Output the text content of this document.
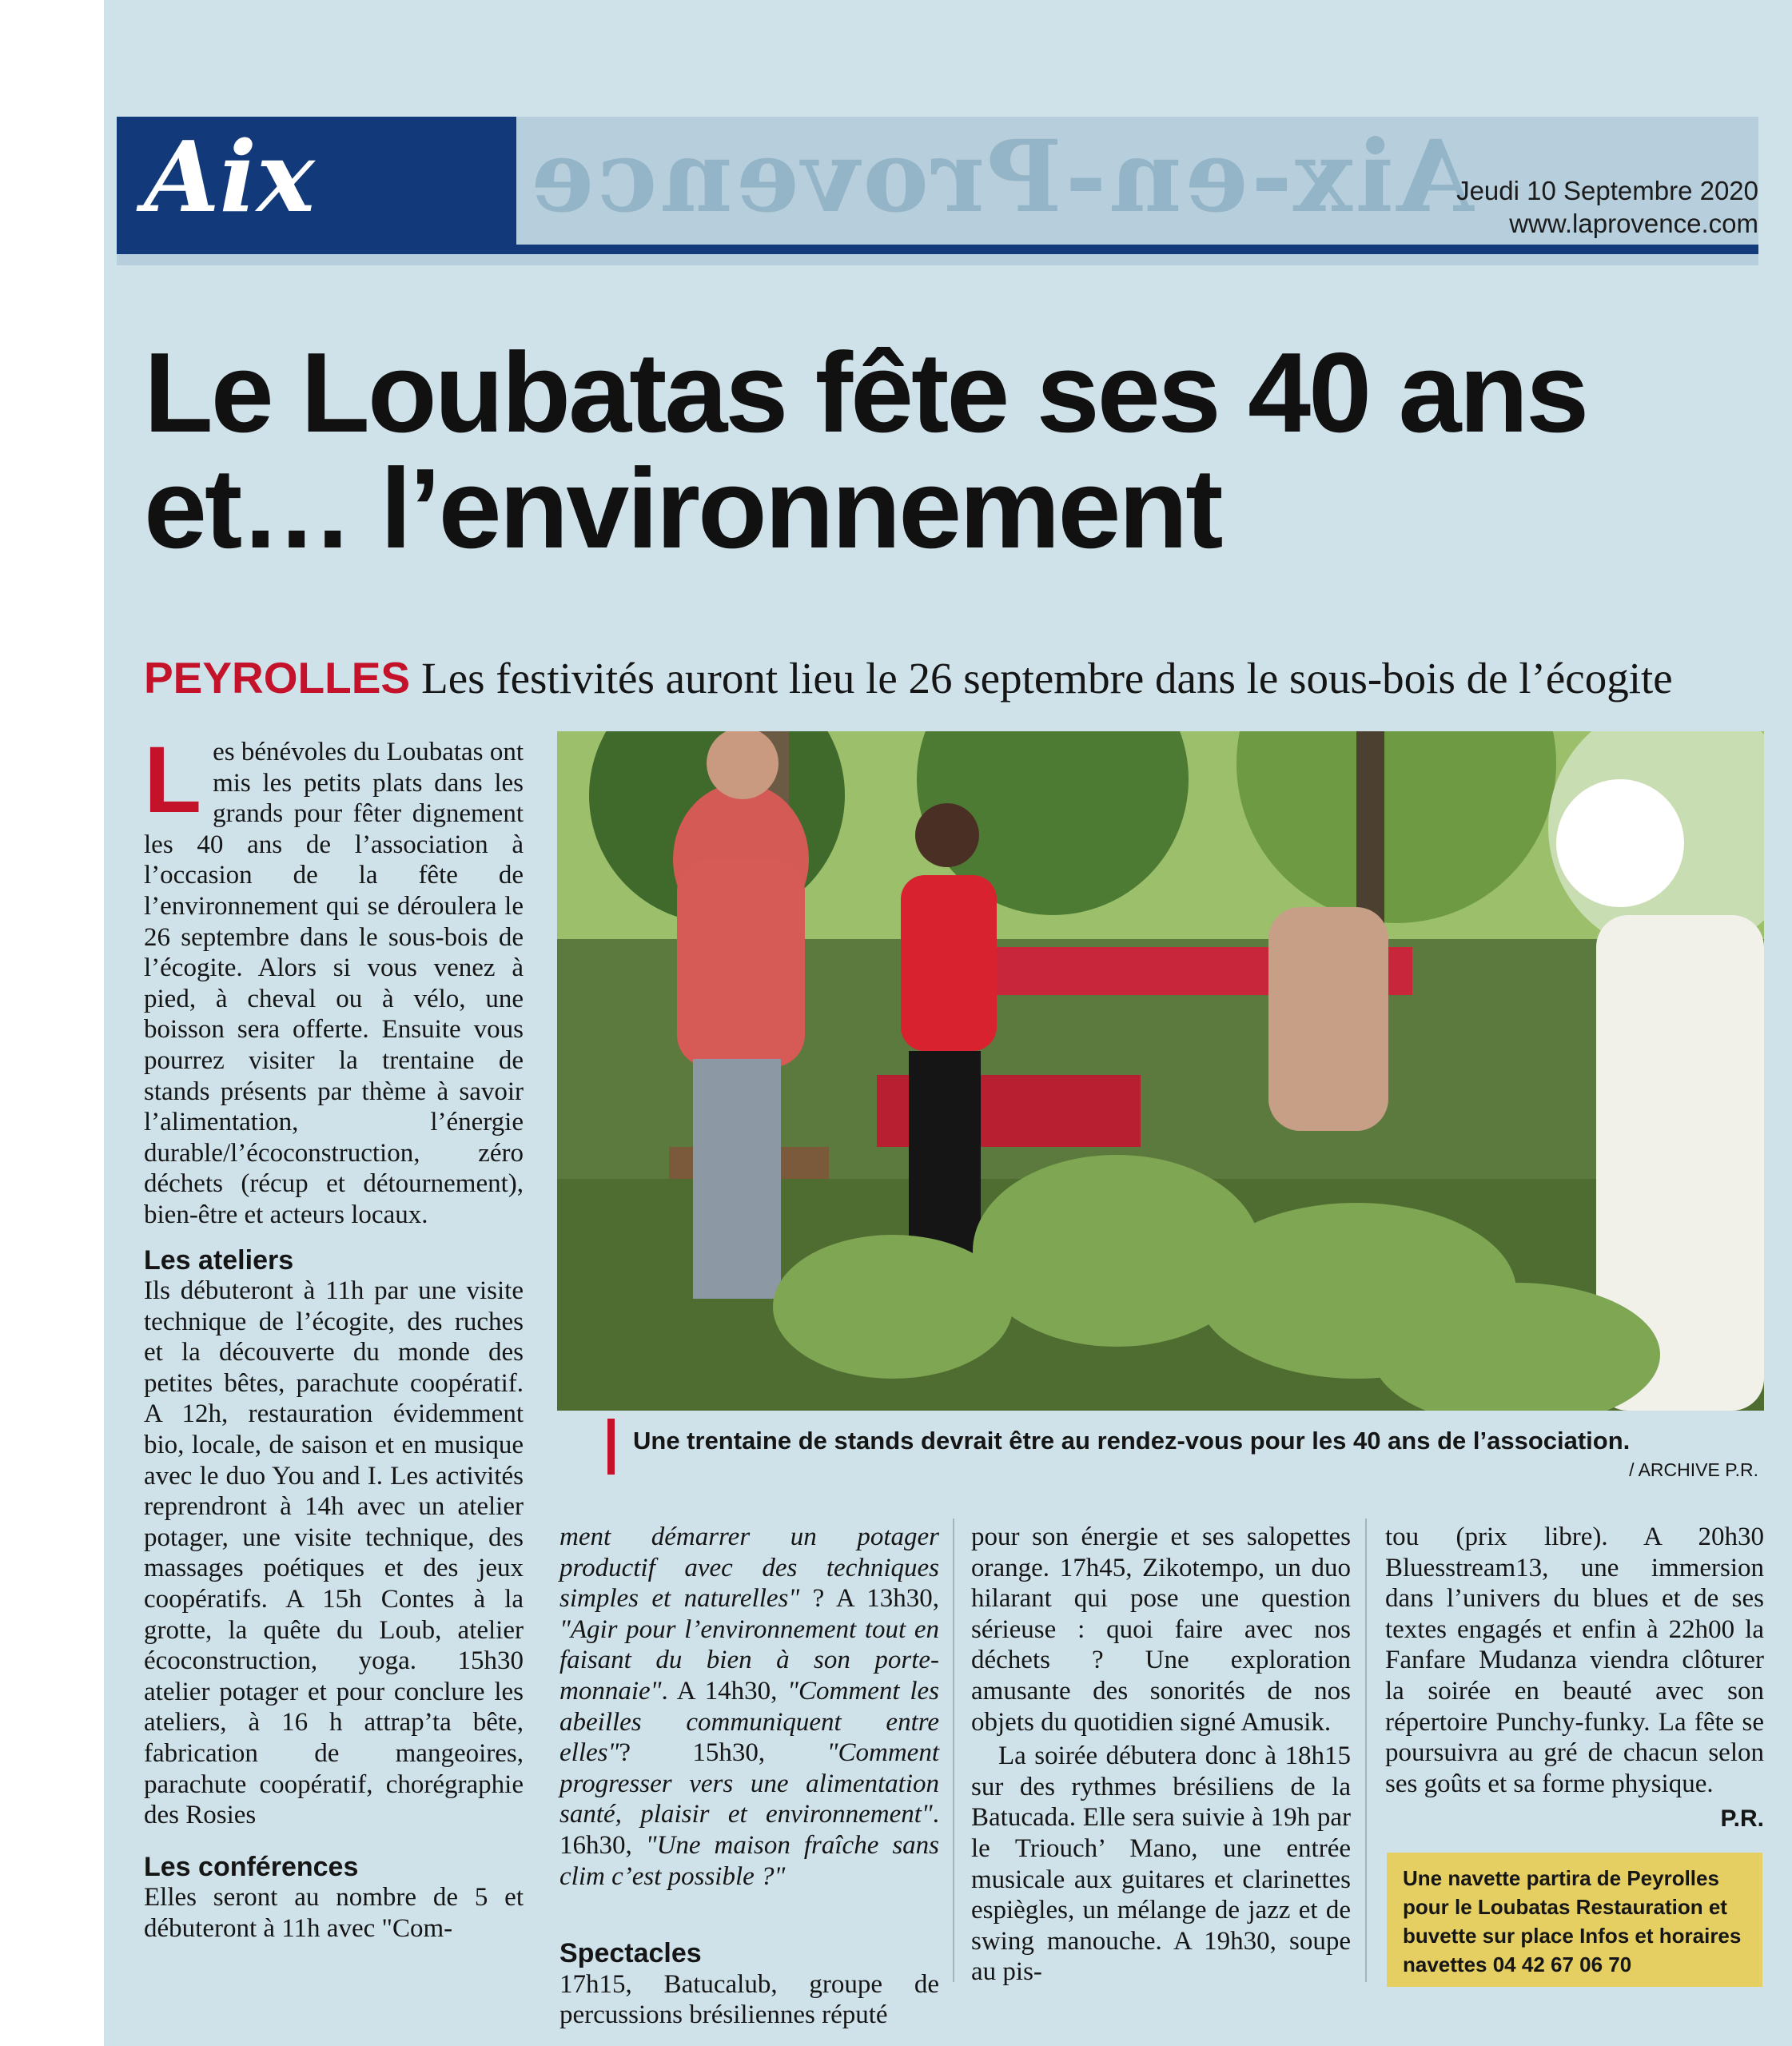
Aix Aix-en-Provence
Jeudi 10 Septembre 2020
www.laprovence.com
Le Loubatas fête ses 40 ans
et… l’environnement
PEYROLLES Les festivités auront lieu le 26 septembre dans le sous-bois de l’écogite
L es bénévoles du Loubatas ont mis les petits plats dans les grands pour fêter dignement les 40 ans de l’association à l’occasion de la fête de l’environnement qui se déroulera le 26 septembre dans le sous-bois de l’écogite. Alors si vous venez à pied, à cheval ou à vélo, une boisson sera offerte. Ensuite vous pourrez visiter la trentaine de stands présents par thème à savoir l’alimentation, l’énergie durable/l’écoconstruction, zéro déchets (récup et détournement), bien-être et acteurs locaux.

Les ateliers

Ils débuteront à 11h par une visite technique de l’écogite, des ruches et la découverte du monde des petites bêtes, parachute coopératif. A 12h, restauration évidemment bio, locale, de saison et en musique avec le duo You and I. Les activités reprendront à 14h avec un atelier potager, une visite technique, des massages poétiques et des jeux coopératifs. A 15h Contes à la grotte, la quête du Loub, atelier écoconstruction, yoga. 15h30 atelier potager et pour conclure les ateliers, à 16 h attrap’ta bête, fabrication de mangeoires, parachute coopératif, chorégraphie des Rosies

Les conférences

Elles seront au nombre de 5 et débuteront à 11h avec "Com-

Une trentaine de stands devrait être au rendez-vous pour les 40 ans de l’association.
/ ARCHIVE P.R.

ment démarrer un potager productif avec des techniques simples et naturelles" ? A 13h30, "Agir pour l’environnement tout en faisant du bien à son porte-monnaie". A 14h30, "Comment les abeilles communiquent entre elles"? 15h30, "Comment progresser vers une alimentation santé, plaisir et environnement". 16h30, "Une maison fraîche sans clim c’est possible ?"

Spectacles

17h15, Batucalub, groupe de percussions brésiliennes réputé

pour son énergie et ses salopettes orange. 17h45, Zikotempo, un duo hilarant qui pose une question sérieuse : quoi faire avec nos déchets ? Une exploration amusante des sonorités de nos objets du quotidien signé Amusik.

La soirée débutera donc à 18h15 sur des rythmes brésiliens de la Batucada. Elle sera suivie à 19h par le Triouch’ Mano, une entrée musicale aux guitares et clarinettes espiègles, un mélange de jazz et de swing manouche. A 19h30, soupe au pis-

tou (prix libre). A 20h30 Bluesstream13, une immersion dans l’univers du blues et de ses textes engagés et enfin à 22h00 la Fanfare Mudanza viendra clôturer la soirée en beauté avec son répertoire Punchy-funky. La fête se poursuivra au gré de chacun selon ses goûts et sa forme physique.

P.R.
Une navette partira de Peyrolles pour le Loubatas Restauration et buvette sur place Infos et horaires navettes 04 42 67 06 70
